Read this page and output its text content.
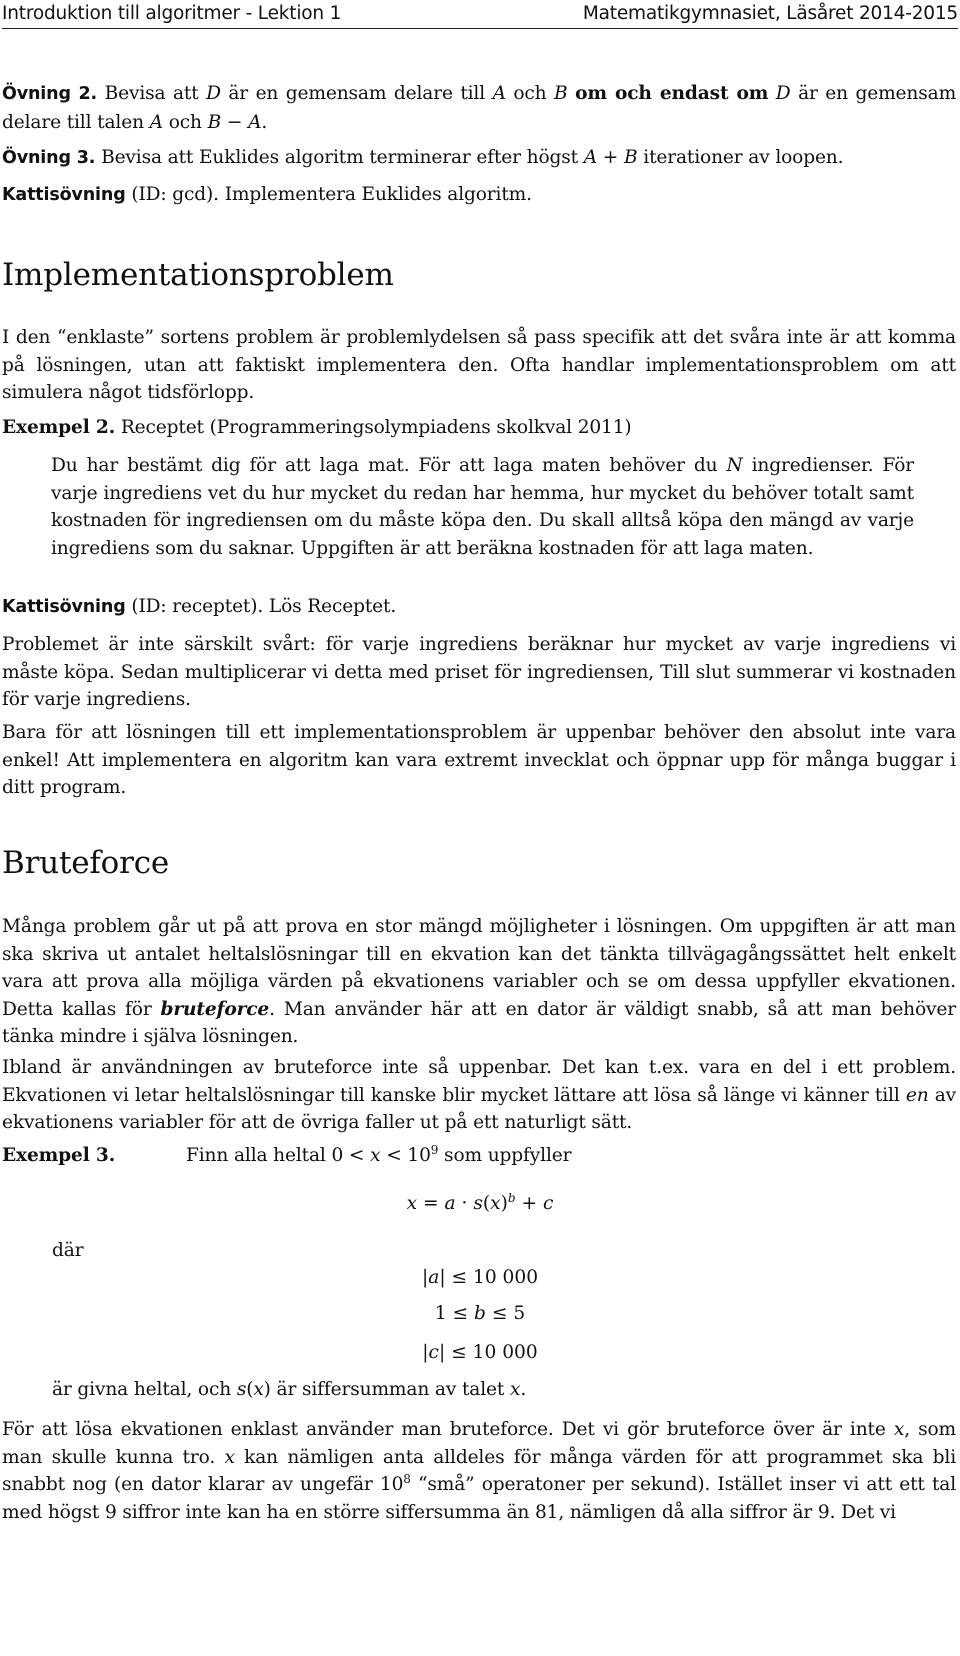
Introduktion till algoritmer - Lektion 1	Matematikgymnasiet, Läsåret 2014-2015

Övning 2. Bevisa att D är en gemensam delare till A och B om och endast om D är en gemensam delare till talen A och B − A.

Övning 3. Bevisa att Euklides algoritm terminerar efter högst A + B iterationer av loopen.

Kattisövning (ID: gcd). Implementera Euklides algoritm.

Implementationsproblem

I den “enklaste” sortens problem är problemlydelsen så pass specifik att det svåra inte är att komma på lösningen, utan att faktiskt implementera den. Ofta handlar implementationsproblem om att simulera något tidsförlopp.

Exempel 2. Receptet (Programmeringsolympiadens skolkval 2011)

Du har bestämt dig för att laga mat. För att laga maten behöver du N ingredienser. För varje ingrediens vet du hur mycket du redan har hemma, hur mycket du behöver totalt samt kostnaden för ingrediensen om du måste köpa den. Du skall alltså köpa den mängd av varje ingrediens som du saknar. Uppgiften är att beräkna kostnaden för att laga maten.

Kattisövning (ID: receptet). Lös Receptet.

Problemet är inte särskilt svårt: för varje ingrediens beräknar hur mycket av varje ingrediens vi måste köpa. Sedan multiplicerar vi detta med priset för ingrediensen, Till slut summerar vi kostnaden för varje ingrediens.

Bara för att lösningen till ett implementationsproblem är uppenbar behöver den absolut inte vara enkel! Att implementera en algoritm kan vara extremt invecklat och öppnar upp för många buggar i ditt program.

Bruteforce

Många problem går ut på att prova en stor mängd möjligheter i lösningen. Om uppgiften är att man ska skriva ut antalet heltalslösningar till en ekvation kan det tänkta tillvägagångssättet helt enkelt vara att prova alla möjliga värden på ekvationens variabler och se om dessa uppfyller ekvationen. Detta kallas för bruteforce. Man använder här att en dator är väldigt snabb, så att man behöver tänka mindre i själva lösningen.

Ibland är användningen av bruteforce inte så uppenbar. Det kan t.ex. vara en del i ett problem. Ekvationen vi letar heltalslösningar till kanske blir mycket lättare att lösa så länge vi känner till en av ekvationens variabler för att de övriga faller ut på ett naturligt sätt.

Exempel 3.	Finn alla heltal $0 < x < 10^9$ som uppfyller

$x = a \cdot s(x)^b + c$

där

|a| ≤ 10 000
1 ≤ b ≤ 5
|c| ≤ 10 000

är givna heltal, och s(x) är siffersumman av talet x.

För att lösa ekvationen enklast använder man bruteforce. Det vi gör bruteforce över är inte x, som man skulle kunna tro. x kan nämligen anta alldeles för många värden för att programmet ska bli snabbt nog (en dator klarar av ungefär $10^8$ “små” operatoner per sekund). Istället inser vi att ett tal med högst 9 siffror inte kan ha en större siffersumma än 81, nämligen då alla siffror är 9. Det vi
